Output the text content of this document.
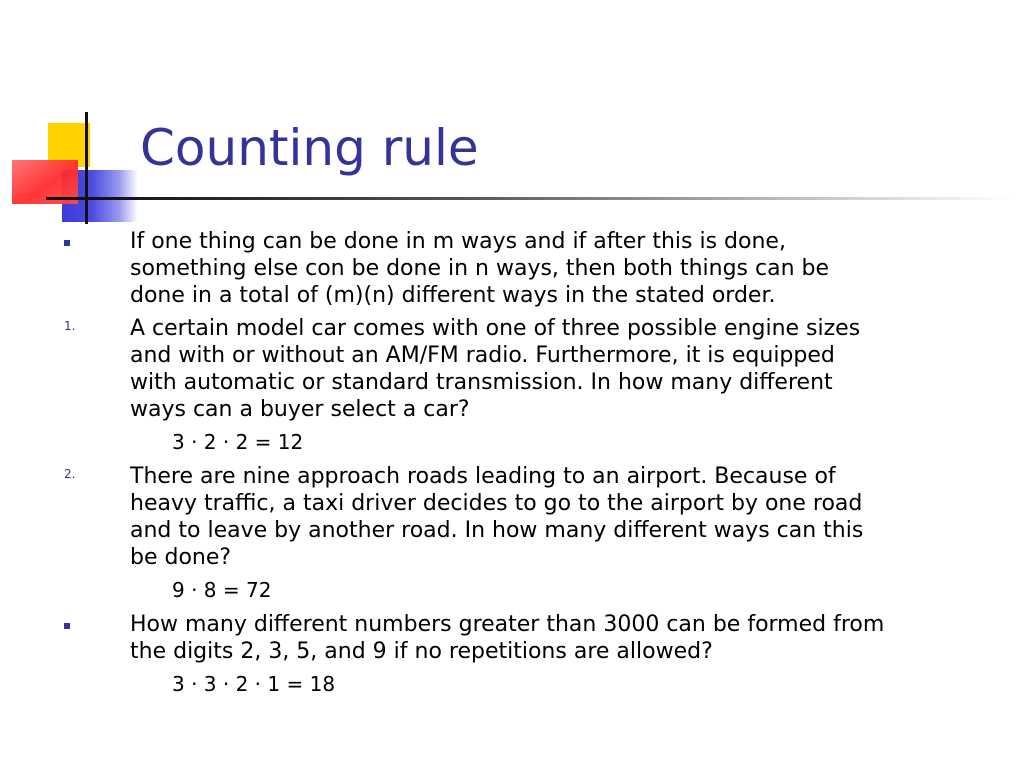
Counting rule
If one thing can be done in m ways and if after this is done,
something else con be done in n ways, then both things can be
done in a total of (m)(n) different ways in the stated order.
1. A certain model car comes with one of three possible engine sizes
and with or without an AM/FM radio. Furthermore, it is equipped
with automatic or standard transmission. In how many different
ways can a buyer select a car?
3 · 2 · 2 = 12
2. There are nine approach roads leading to an airport. Because of
heavy traffic, a taxi driver decides to go to the airport by one road
and to leave by another road. In how many different ways can this
be done?
9 · 8 = 72
How many different numbers greater than 3000 can be formed from
the digits 2, 3, 5, and 9 if no repetitions are allowed?
3 · 3 · 2 · 1 = 18
